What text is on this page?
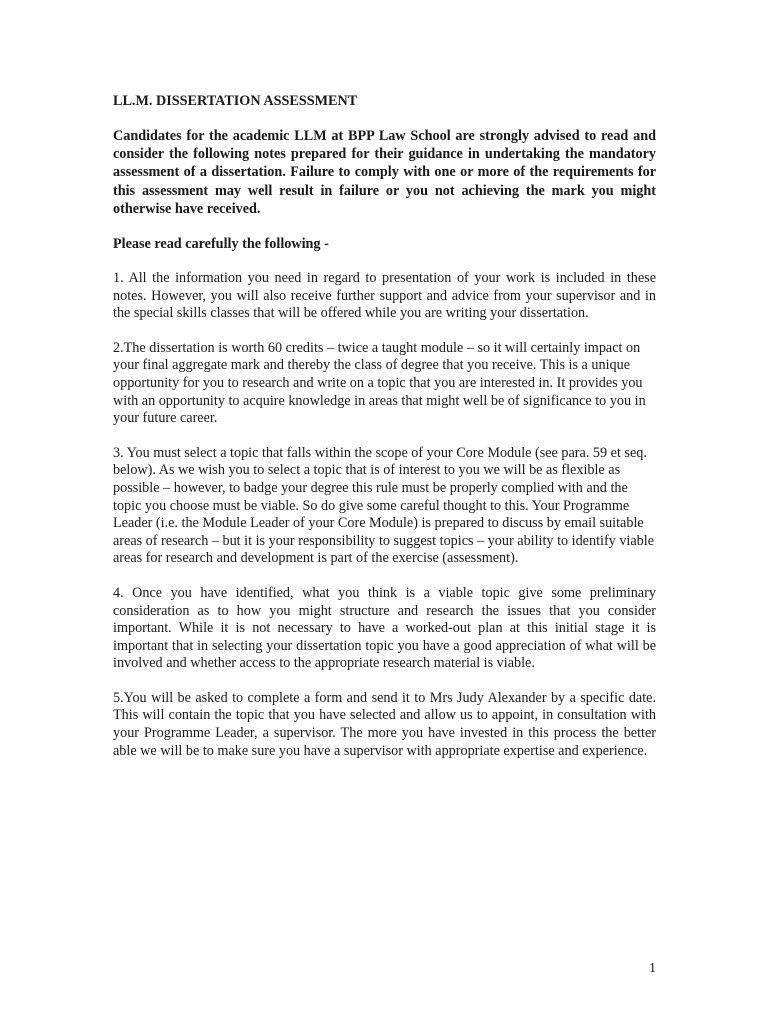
LL.M. DISSERTATION ASSESSMENT

Candidates for the academic LLM at BPP Law School are strongly advised to read and consider the following notes prepared for their guidance in undertaking the mandatory assessment of a dissertation. Failure to comply with one or more of the requirements for this assessment may well result in failure or you not achieving the mark you might otherwise have received.

Please read carefully the following -

1. All the information you need in regard to presentation of your work is included in these notes. However, you will also receive further support and advice from your supervisor and in the special skills classes that will be offered while you are writing your dissertation.

2.The dissertation is worth 60 credits – twice a taught module – so it will certainly impact on your final aggregate mark and thereby the class of degree that you receive. This is a unique opportunity for you to research and write on a topic that you are interested in. It provides you with an opportunity to acquire knowledge in areas that might well be of significance to you in your future career.

3. You must select a topic that falls within the scope of your Core Module (see para. 59 et seq. below). As we wish you to select a topic that is of interest to you we will be as flexible as possible – however, to badge your degree this rule must be properly complied with and the topic you choose must be viable. So do give some careful thought to this. Your Programme Leader (i.e. the Module Leader of your Core Module) is prepared to discuss by email suitable areas of research – but it is your responsibility to suggest topics – your ability to identify viable areas for research and development is part of the exercise (assessment).

4. Once you have identified, what you think is a viable topic give some preliminary consideration as to how you might structure and research the issues that you consider important. While it is not necessary to have a worked-out plan at this initial stage it is important that in selecting your dissertation topic you have a good appreciation of what will be involved and whether access to the appropriate research material is viable.

5.You will be asked to complete a form and send it to Mrs Judy Alexander by a specific date. This will contain the topic that you have selected and allow us to appoint, in consultation with your Programme Leader, a supervisor. The more you have invested in this process the better able we will be to make sure you have a supervisor with appropriate expertise and experience.

1
